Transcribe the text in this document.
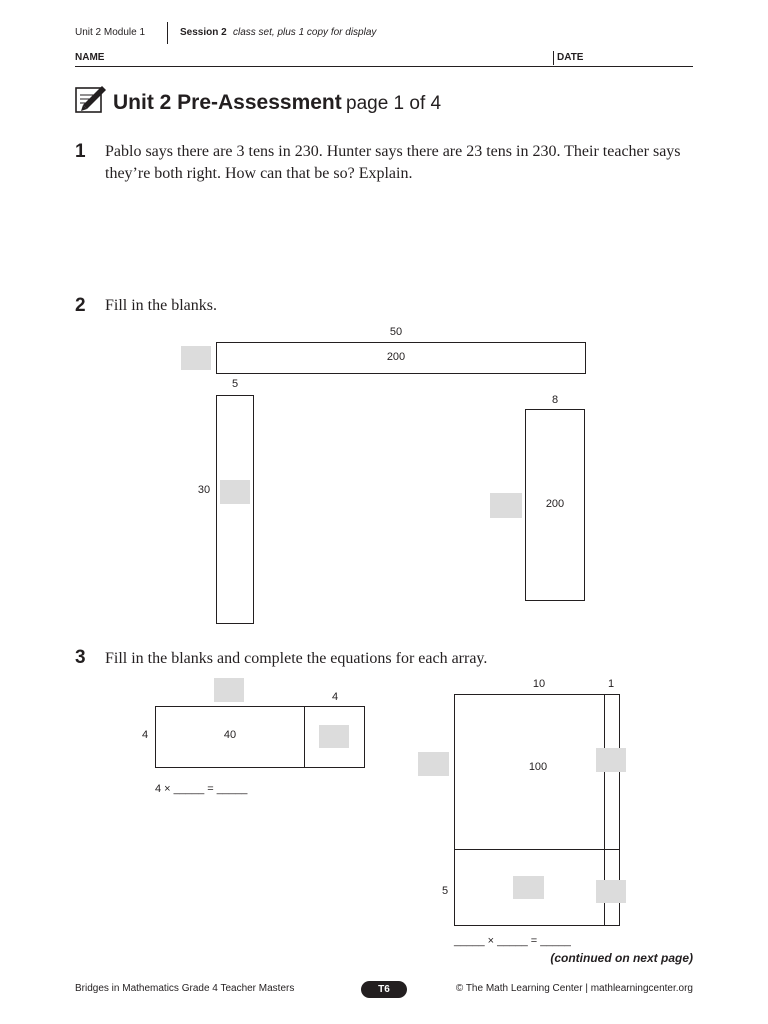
Unit 2 Module 1	Session 2 class set, plus 1 copy for display
NAME	DATE
Unit 2 Pre-Assessment page 1 of 4
1 Pablo says there are 3 tens in 230. Hunter says there are 23 tens in 230. Their teacher says they’re both right. How can that be so? Explain.
2 Fill in the blanks.
50
200
5
30
8
200
3 Fill in the blanks and complete the equations for each array.
4
4	40
4 × _____ = _____
10	1
100
5
_____ × _____ = _____
(continued on next page)
Bridges in Mathematics Grade 4 Teacher Masters	T6	© The Math Learning Center | mathlearningcenter.org
